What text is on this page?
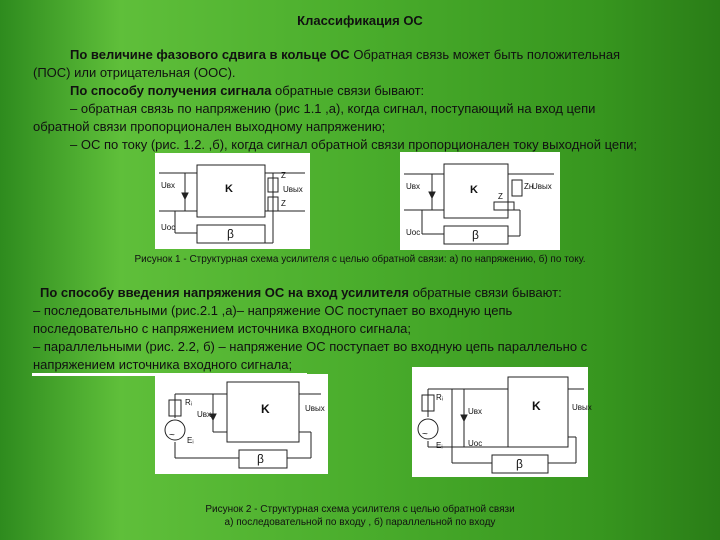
Классификация ОС
По величине фазового сдвига в кольце ОС Обратная связь может быть положительная
(ПОС) или отрицательная (ООС).
По способу получения сигнала обратные связи бывают:
– обратная связь по напряжению (рис 1.1 ,а), когда сигнал, поступающий на вход цепи
обратной связи пропорционален выходному напряжению;
– ОС по току (рис. 1.2. ,б), когда сигнал обратной связи пропорционален току выходной цепи;
K
β
Uвх
Uос
Uвых
Z
Z
K
β
Uвх
Uос
Uвых
Zн
Z
Рисунок 1 - Структурная схема усилителя с целью обратной связи: а) по напряжению, б) по току.
По способу введения напряжения ОС на вход усилителя обратные связи бывают:
– последовательными (рис.2.1 ,а)– напряжение ОС поступает во входную цепь
последовательно с напряжением источника входного сигнала;
– параллельными (рис. 2.2, б) – напряжение ОС поступает во входную цепь параллельно с
напряжением источника входного сигнала;
~
K
β
Rᵢ
Eᵢ
Uвх
Uвых
~
K
β
Rᵢ
Eᵢ
Uвх
Uос
Uвых
Рисунок 2 - Структурная схема усилителя с целью обратной связи
а) последовательной по входу , б) параллельной по входу
